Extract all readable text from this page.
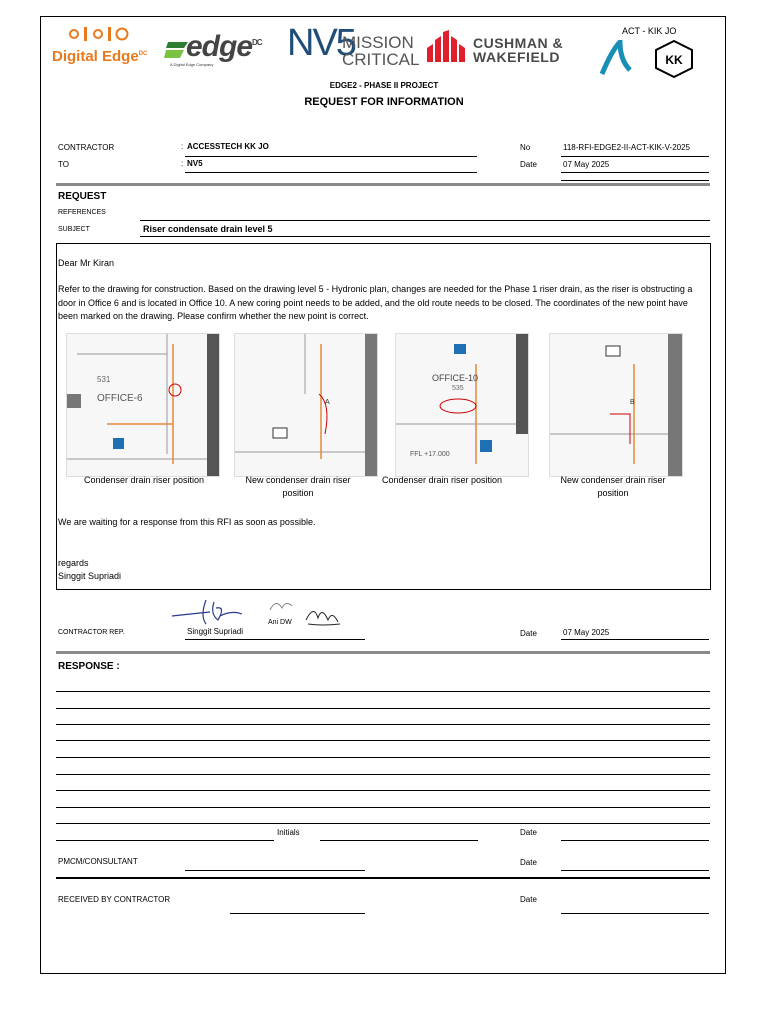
Digital Edge$^{DC}$ edge$^{DC}$
A Digital Edge Company
NV5
MISSION
CRITICAL
CUSHMAN &
WAKEFIELD
ACT - KIK JO
KK
EDGE2 - PHASE II PROJECT
REQUEST FOR INFORMATION
CONTRACTOR	: ACCESSTECH KK JO
TO	: NV5
No	118-RFI-EDGE2-II-ACT-KIK-V-2025
Date	07 May 2025
REQUEST
REFERENCES
SUBJECT	Riser condensate drain level 5
Dear Mr Kiran
Refer to the drawing for construction. Based on the drawing level 5 - Hydronic plan, changes are needed for the Phase 1 riser drain, as the riser is obstructing a door in Office 6 and is located in Office 10. A new coring point needs to be added, and the old route needs to be closed. The coordinates of the new point have been marked on the drawing. Please confirm whether the new point is correct.
531
OFFICE-6	A
OFFICE-10
535
FFL +17.000
B
Condenser drain riser position	New condenser drain riser position
Condenser drain riser position	New condenser drain riser position
We are waiting for a response from this RFI as soon as possible.
regards
Singgit Supriadi
Ani DW
CONTRACTOR REP.	Singgit Supriadi	Date	07 May 2025
RESPONSE :
Initials	Date
PMCM/CONSULTANT	Date
RECEIVED BY CONTRACTOR	Date
